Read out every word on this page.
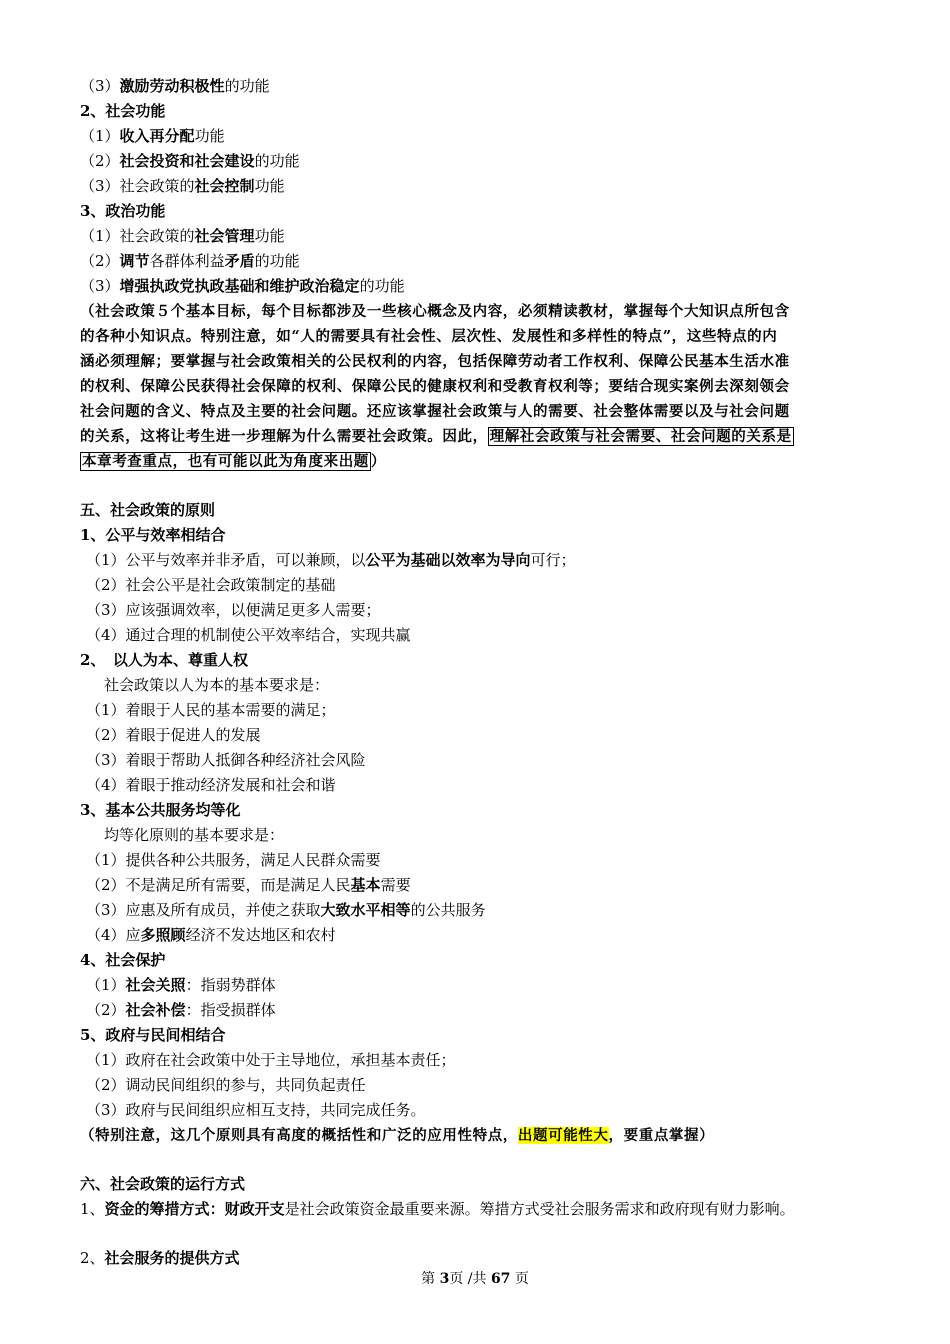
（3）激励劳动积极性的功能
2、社会功能
（1）收入再分配功能
（2）社会投资和社会建设的功能
（3）社会政策的社会控制功能
3、政治功能
（1）社会政策的社会管理功能
（2）调节各群体利益矛盾的功能
（3）增强执政党执政基础和维护政治稳定的功能
（社会政策５个基本目标，每个目标都涉及一些核心概念及内容，必须精读教材，掌握每个大知识点所包含
的各种小知识点。特别注意，如“人的需要具有社会性、层次性、发展性和多样性的特点”，这些特点的内
涵必须理解；要掌握与社会政策相关的公民权利的内容，包括保障劳动者工作权利、保障公民基本生活水准
的权利、保障公民获得社会保障的权利、保障公民的健康权利和受教育权利等；要结合现实案例去深刻领会
社会问题的含义、特点及主要的社会问题。还应该掌握社会政策与人的需要、社会整体需要以及与社会问题
的关系，这将让考生进一步理解为什么需要社会政策。因此， 理解社会政策与社会需要、社会问题的关系是
本章考查重点，也有可能以此为角度来出题 ）
五、社会政策的原则
1、公平与效率相结合
（1）公平与效率并非矛盾，可以兼顾，以公平为基础以效率为导向可行；
（2）社会公平是社会政策制定的基础
（3）应该强调效率，以便满足更多人需要；
（4）通过合理的机制使公平效率结合，实现共赢
2、　以人为本、尊重人权
社会政策以人为本的基本要求是：
（1）着眼于人民的基本需要的满足；
（2）着眼于促进人的发展
（3）着眼于帮助人抵御各种经济社会风险
（4）着眼于推动经济发展和社会和谐
3、基本公共服务均等化
均等化原则的基本要求是：
（1）提供各种公共服务，满足人民群众需要
（2）不是满足所有需要，而是满足人民基本需要
（3）应惠及所有成员，并使之获取大致水平相等的公共服务
（4）应多照顾经济不发达地区和农村
4、社会保护
（1）社会关照：指弱势群体
（2）社会补偿：指受损群体
5、政府与民间相结合
（1）政府在社会政策中处于主导地位，承担基本责任；
（2）调动民间组织的参与，共同负起责任
（3）政府与民间组织应相互支持，共同完成任务。
（特别注意，这几个原则具有高度的概括性和广泛的应用性特点，出题可能性大，要重点掌握）
六、社会政策的运行方式
1、资金的筹措方式：财政开支是社会政策资金最重要来源。筹措方式受社会服务需求和政府现有财力影响。
2、社会服务的提供方式
第 3页 /共 67 页
